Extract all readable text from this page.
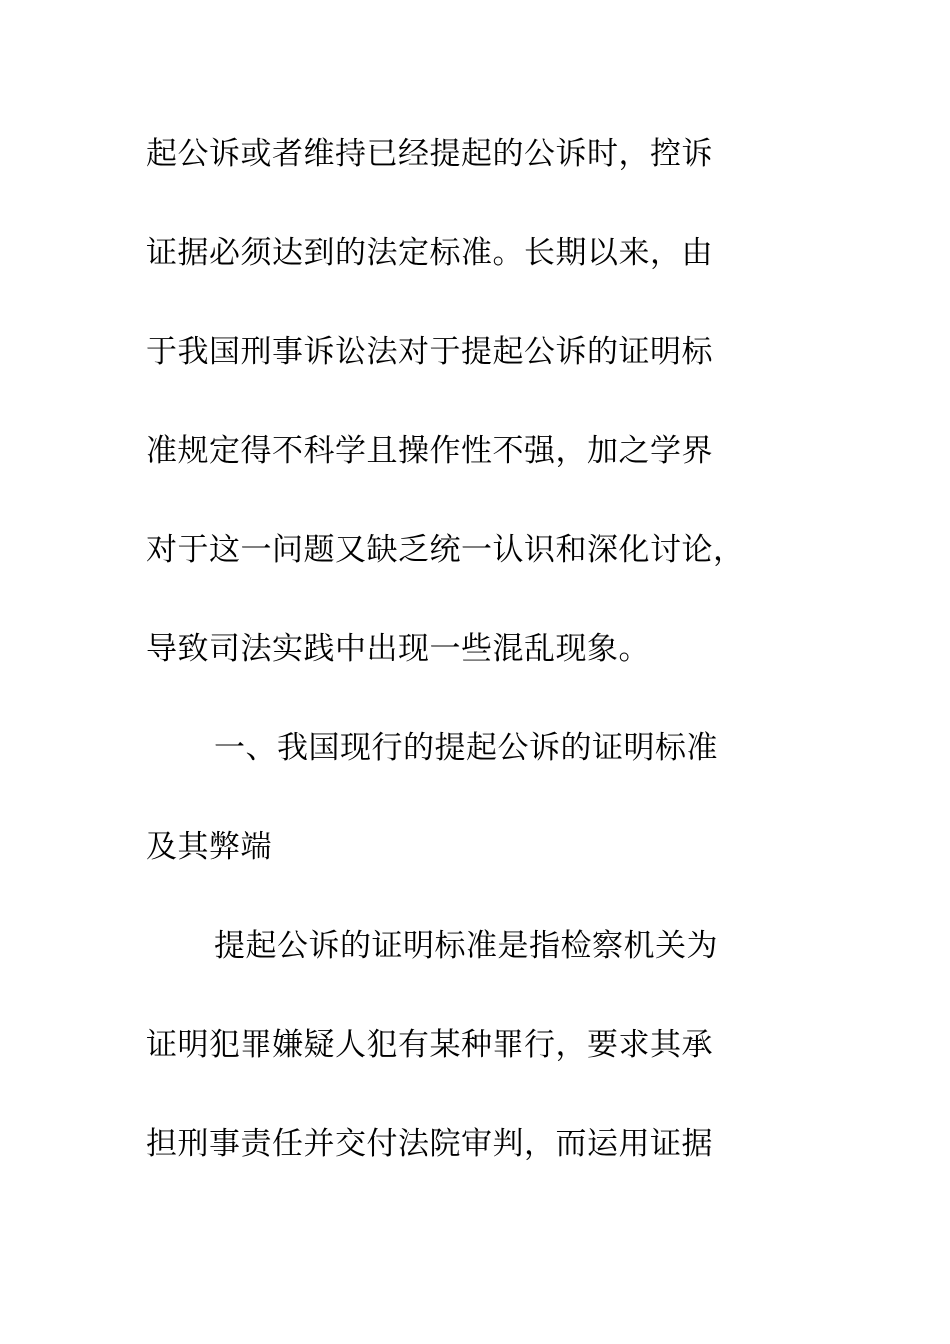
起公诉或者维持已经提起的公诉时，控诉
证据必须达到的法定标准。长期以来，由
于我国刑事诉讼法对于提起公诉的证明标
准规定得不科学且操作性不强，加之学界
对于这一问题又缺乏统一认识和深化讨论，
导致司法实践中出现一些混乱现象。
一、我国现行的提起公诉的证明标准
及其弊端
提起公诉的证明标准是指检察机关为
证明犯罪嫌疑人犯有某种罪行，要求其承
担刑事责任并交付法院审判，而运用证据
